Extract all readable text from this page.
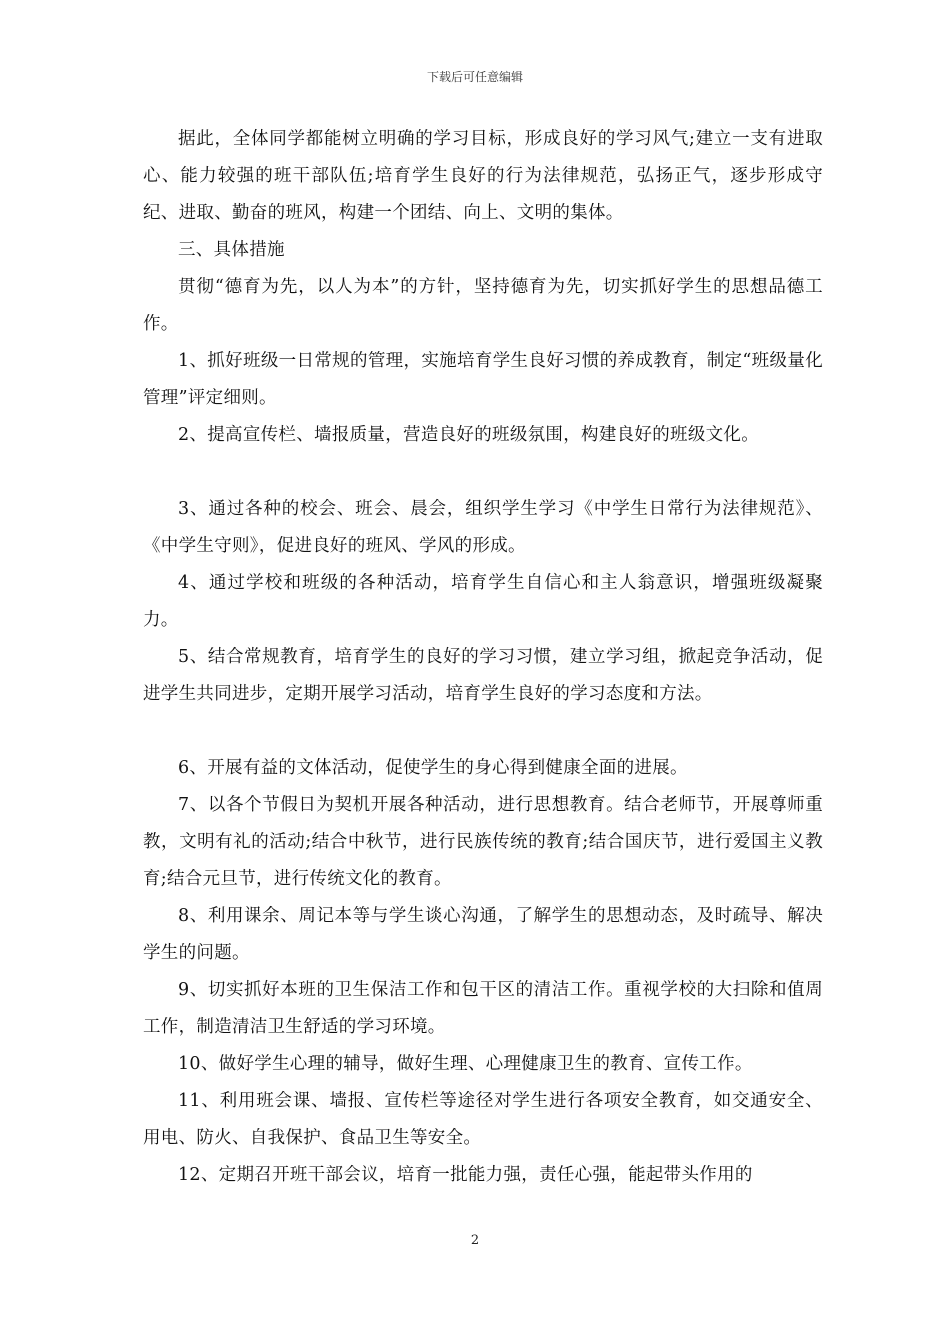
下载后可任意编辑

据此，全体同学都能树立明确的学习目标，形成良好的学习风气;建立一支有进取心、能力较强的班干部队伍;培育学生良好的行为法律规范，弘扬正气，逐步形成守纪、进取、勤奋的班风，构建一个团结、向上、文明的集体。

三、具体措施

贯彻“德育为先，以人为本”的方针，坚持德育为先，切实抓好学生的思想品德工作。

1、抓好班级一日常规的管理，实施培育学生良好习惯的养成教育，制定“班级量化管理”评定细则。

2、提高宣传栏、墙报质量，营造良好的班级氛围，构建良好的班级文化。

3、通过各种的校会、班会、晨会，组织学生学习《中学生日常行为法律规范》、《中学生守则》，促进良好的班风、学风的形成。

4、通过学校和班级的各种活动，培育学生自信心和主人翁意识，增强班级凝聚力。

5、结合常规教育，培育学生的良好的学习习惯，建立学习组，掀起竞争活动，促进学生共同进步，定期开展学习活动，培育学生良好的学习态度和方法。

6、开展有益的文体活动，促使学生的身心得到健康全面的进展。

7、以各个节假日为契机开展各种活动，进行思想教育。结合老师节，开展尊师重教，文明有礼的活动;结合中秋节，进行民族传统的教育;结合国庆节，进行爱国主义教育;结合元旦节，进行传统文化的教育。

8、利用课余、周记本等与学生谈心沟通，了解学生的思想动态，及时疏导、解决学生的问题。

9、切实抓好本班的卫生保洁工作和包干区的清洁工作。重视学校的大扫除和值周工作，制造清洁卫生舒适的学习环境。

10、做好学生心理的辅导，做好生理、心理健康卫生的教育、宣传工作。

11、利用班会课、墙报、宣传栏等途径对学生进行各项安全教育，如交通安全、用电、防火、自我保护、食品卫生等安全。

12、定期召开班干部会议，培育一批能力强，责任心强，能起带头作用的

2
